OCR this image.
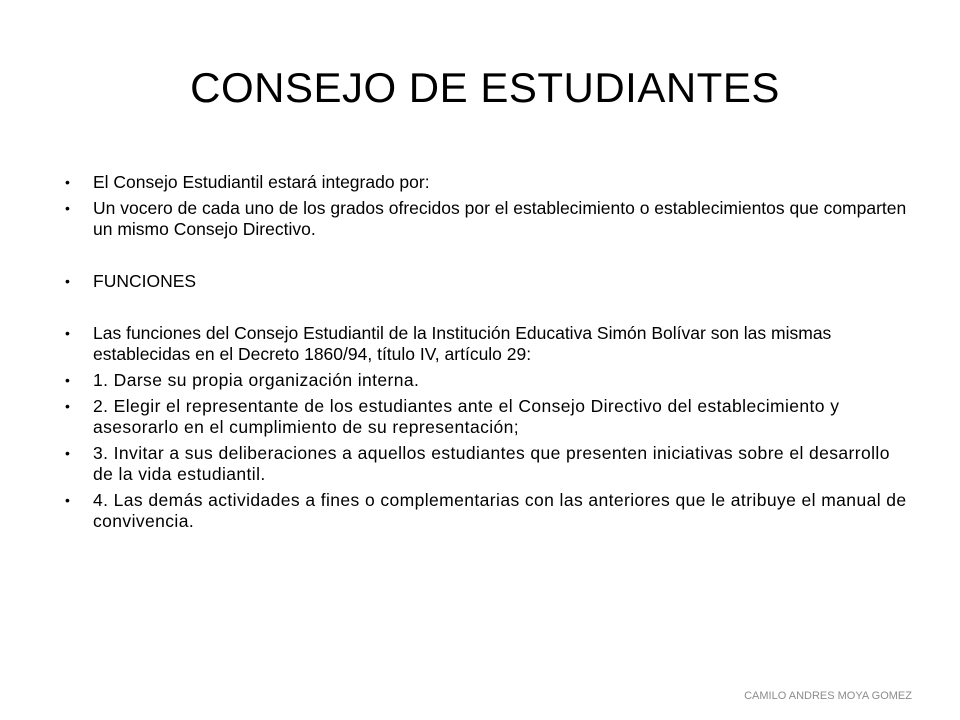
CONSEJO DE ESTUDIANTES
• El Consejo Estudiantil estará integrado por:
• Un vocero de cada uno de los grados ofrecidos por el establecimiento o establecimientos que comparten un mismo Consejo Directivo.
• FUNCIONES
• Las funciones del Consejo Estudiantil de la Institución Educativa Simón Bolívar son las mismas establecidas en el Decreto 1860/94, título IV, artículo 29:
• 1. Darse su propia organización interna.
• 2. Elegir el representante de los estudiantes ante el Consejo Directivo del establecimiento y asesorarlo en el cumplimiento de su representación;
• 3. Invitar a sus deliberaciones a aquellos estudiantes que presenten iniciativas sobre el desarrollo de la vida estudiantil.
• 4. Las demás actividades a fines o complementarias con las anteriores que le atribuye el manual de convivencia.
CAMILO ANDRES MOYA GOMEZ
